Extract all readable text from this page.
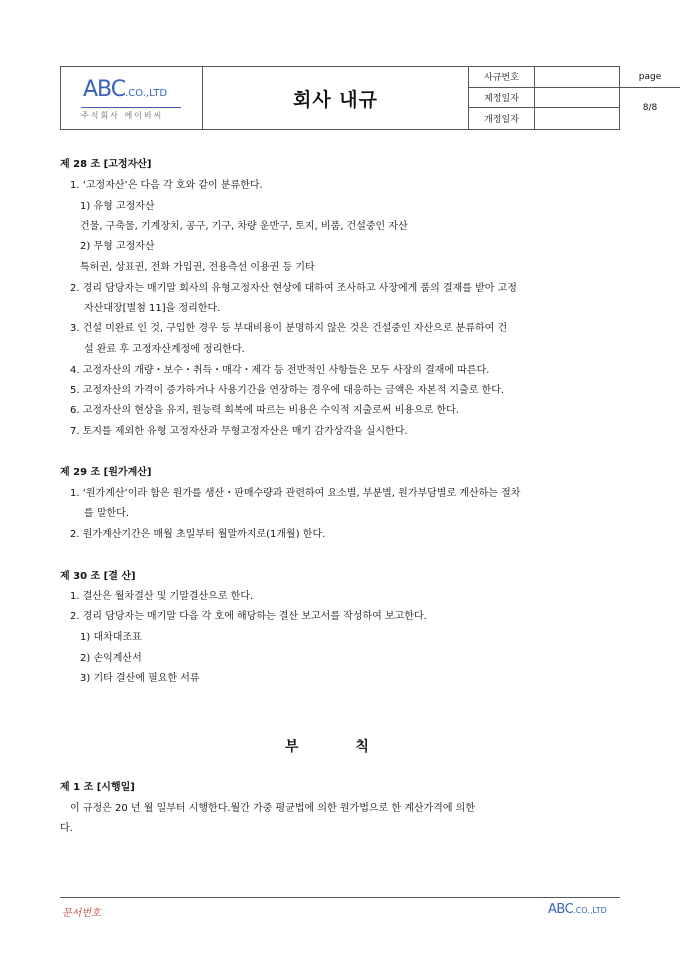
ABC.CO.,LTD
주식회사 에이비씨
회사 내규
사규번호
제정일자
개정일자
page
8/8
제 28 조 [고정자산]
1. ‘고정자산’은 다음 각 호와 같이 분류한다.
1) 유형 고정자산
건물, 구축물, 기계장치, 공구, 기구, 차량 운반구, 토지, 비품, 건설중인 자산
2) 무형 고정자산
특허권, 상표권, 전화 가입권, 전용측선 이용권 등 기타
2. 경리 담당자는 매기말 회사의 유형고정자산 현상에 대하여 조사하고 사장에게 품의 결재를 받아 고정
자산대장[별첨 11]을 정리한다.
3. 건설 미완료 인 것, 구입한 경우 등 부대비용이 분명하지 않은 것은 건설중인 자산으로 분류하여 건
설 완료 후 고정자산계정에 정리한다.
4. 고정자산의 개량・보수・취득・매각・제각 등 전반적인 사항들은 모두 사장의 결재에 따른다.
5. 고정자산의 가격이 증가하거나 사용기간을 연장하는 경우에 대응하는 금액은 자본적 지출로 한다.
6. 고정자산의 현상을 유지, 원능력 회복에 따르는 비용은 수익적 지출로써 비용으로 한다.
7. 토지를 제외한 유형 고정자산과 무형고정자산은 매기 감가상각을 실시한다.
제 29 조 [원가계산]
1. ‘원가계산’이라 함은 원가를 생산・판매수량과 관련하여 요소별, 부분별, 원가부담별로 계산하는 절차
를 말한다.
2. 원가계산기간은 매월 초일부터 월말까지로(1개월) 한다.
제 30 조 [결 산]
1. 결산은 월차결산 및 기말결산으로 한다.
2. 경리 담당자는 매기말 다음 각 호에 해당하는 결산 보고서를 작성하여 보고한다.
1) 대차대조표
2) 손익계산서
3) 기타 결산에 필요한 서류
부 칙
제 1 조 [시행일]
이 규정은 20 년 월 일부터 시행한다.월간 가중 평균법에 의한 원가법으로 한 계산가격에 의한
다.
문서번호	ABC.CO.,LTD
